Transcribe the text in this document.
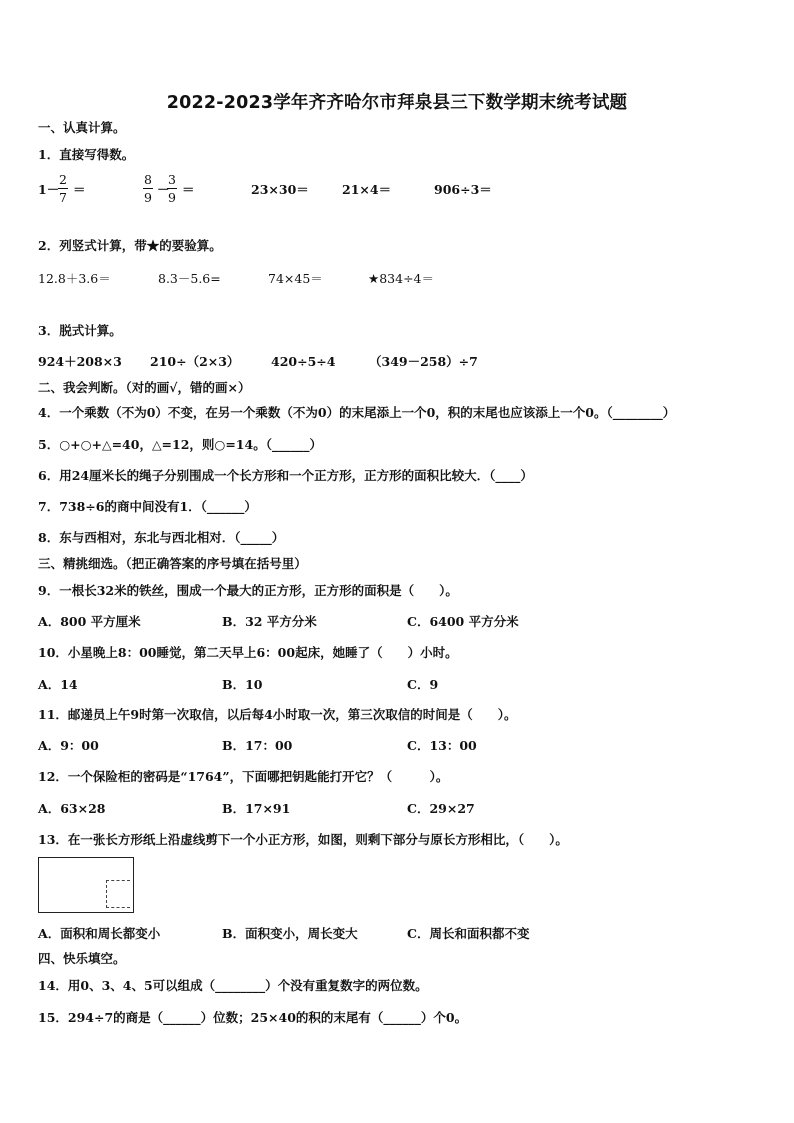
2022-2023学年齐齐哈尔市拜泉县三下数学期末统考试题
一、认真计算。
1．直接写得数。
1－
2
7
＝
8
9
－
3
9
＝	23×30＝	21×4＝	906÷3＝
2．列竖式计算，带★的要验算。
12.8＋3.6＝	8.3－5.6=	74×45＝	★834÷4＝
3．脱式计算。
924＋208×3 210÷（2×3）	420÷5÷4	（349－258）÷7
二、我会判断。（对的画√，错的画×）
4．一个乘数（不为0）不变，在另一个乘数（不为0）的末尾添上一个0，积的末尾也应该添上一个0。（________）
5．○+○+△=40，△=12，则○=14。（______）
6．用24厘米长的绳子分别围成一个长方形和一个正方形，正方形的面积比较大．（____）
7．738÷6的商中间没有1．（______）
8．东与西相对，东北与西北相对．（_____）
三、精挑细选。（把正确答案的序号填在括号里）
9．一根长32米的铁丝，围成一个最大的正方形，正方形的面积是（　　）。
A．800 平方厘米	B．32 平方分米	C．6400 平方分米
10．小星晚上8：00睡觉，第二天早上6：00起床，她睡了（　　）小时。
A．14	B．10	C．9
11．邮递员上午9时第一次取信，以后每4小时取一次，第三次取信的时间是（　　）。
A．9：00	B．17：00	C．13：00
12．一个保险柜的密码是“1764”，下面哪把钥匙能打开它？（　　　）。
A．63×28	B．17×91	C．29×27
13．在一张长方形纸上沿虚线剪下一个小正方形，如图，则剩下部分与原长方形相比，（　　）。
A．面积和周长都变小	B．面积变小，周长变大	C．周长和面积都不变
四、快乐填空。
14．用0、3、4、5可以组成（________）个没有重复数字的两位数。
15．294÷7的商是（______）位数；25×40的积的末尾有（______）个0。
